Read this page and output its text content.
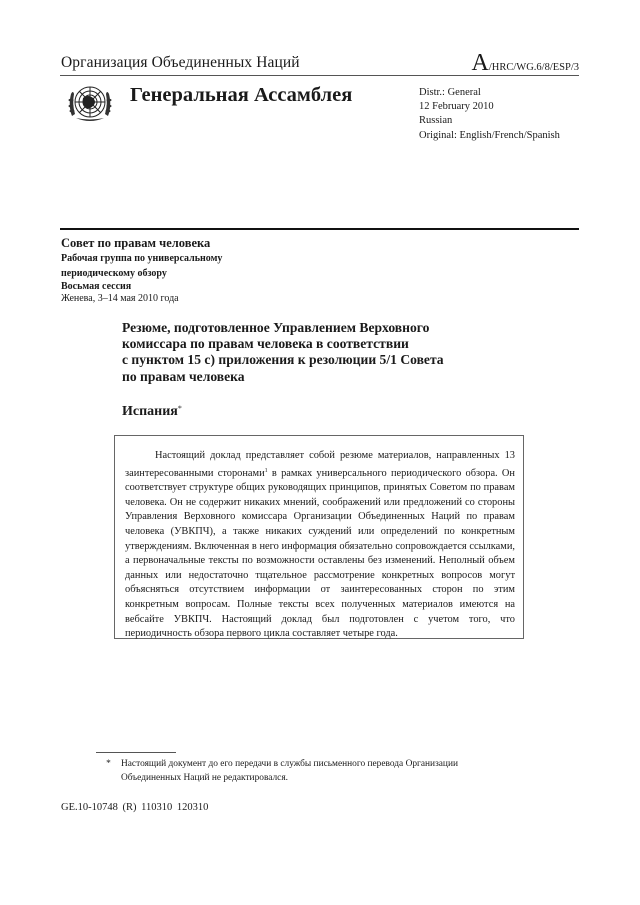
Организация Объединенных Наций	A/HRC/WG.6/8/ESP/3
Генеральная Ассамблея	Distr.: General
12 February 2010
Russian
Original: English/French/Spanish
Совет по правам человека
Рабочая группа по универсальному
периодическому обзору
Восьмая сессия
Женева, 3–14 мая 2010 года
Резюме, подготовленное Управлением Верховного
комиссара по правам человека в соответствии
с пунктом 15 c) приложения к резолюции 5/1 Совета
по правам человека
Испания*

Настоящий доклад представляет собой резюме материалов, направленных 13 заинтересованными сторонами$^1$ в рамках универсального периодического обзора. Он соответствует структуре общих руководящих принципов, принятых Советом по правам человека. Он не содержит никаких мнений, соображений или предложений со стороны Управления Верховного комиссара Организации Объединенных Наций по правам человека (УВКПЧ), а также никаких суждений или определений по конкретным утверждениям. Включенная в него информация обязательно сопровождается ссылками, а первоначальные тексты по возможности оставлены без изменений. Неполный объем данных или недостаточно тщательное рассмотрение конкретных вопросов могут объясняться отсутствием информации от заинтересованных сторон по этим конкретным вопросам. Полные тексты всех полученных материалов имеются на вебсайте УВКПЧ. Настоящий доклад был подготовлен с учетом того, что периодичность обзора первого цикла составляет четыре года.

* Настоящий документ до его передачи в службы письменного перевода Организации
Объединенных Наций не редактировался.
GE.10-10748 (R) 110310 120310
